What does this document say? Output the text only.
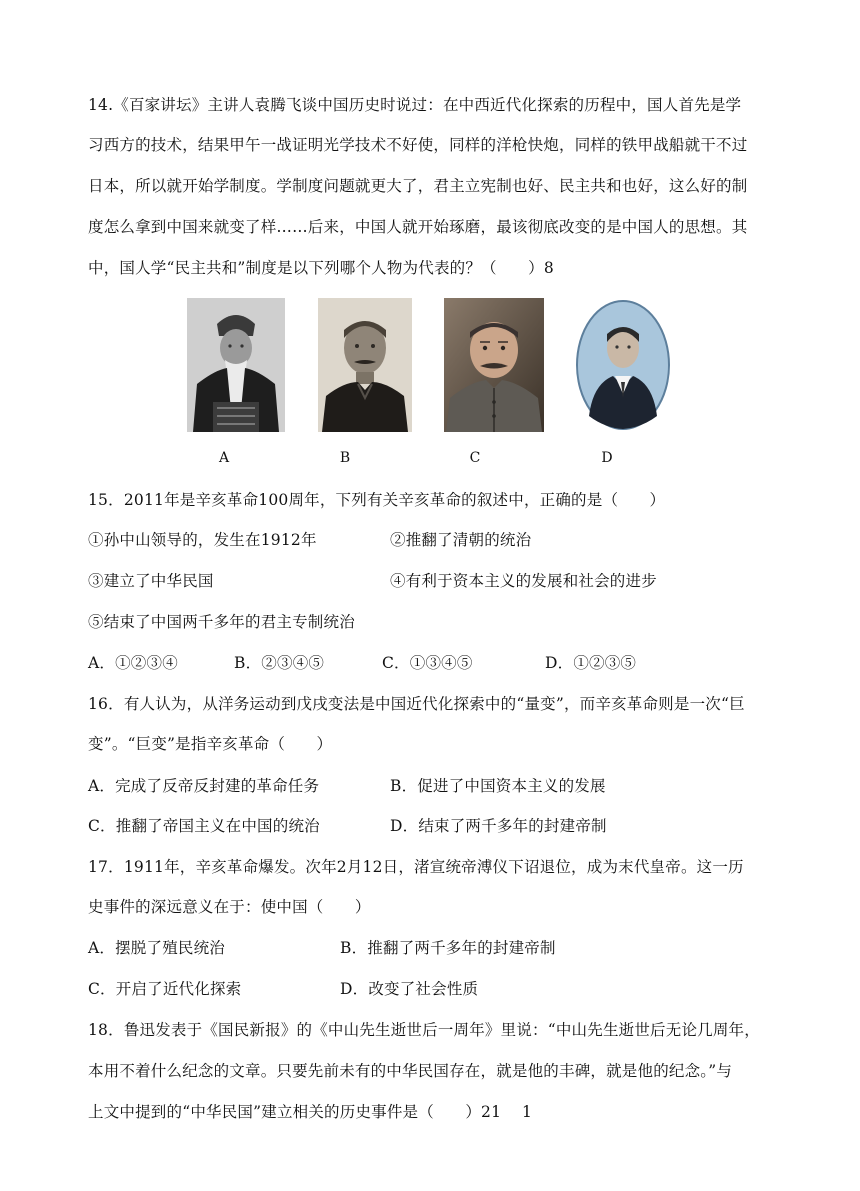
14.《百家讲坛》主讲人袁腾飞谈中国历史时说过：在中西近代化探索的历程中，国人首先是学
习西方的技术，结果甲午一战证明光学技术不好使，同样的洋枪快炮，同样的铁甲战船就干不过
日本，所以就开始学制度。学制度问题就更大了，君主立宪制也好、民主共和也好，这么好的制
度怎么拿到中国来就变了样……后来，中国人就开始琢磨，最该彻底改变的是中国人的思想。其
中，国人学“民主共和”制度是以下列哪个人物为代表的？（　　）8
A	B	C	D
15．2011年是辛亥革命100周年，下列有关辛亥革命的叙述中，正确的是（　　）
①孙中山领导的，发生在1912年	②推翻了清朝的统治
③建立了中华民国	④有利于资本主义的发展和社会的进步
⑤结束了中国两千多年的君主专制统治
A．①②③④	B．②③④⑤	C．①③④⑤	D．①②③⑤
16．有人认为，从洋务运动到戊戌变法是中国近代化探索中的“量变”，而辛亥革命则是一次“巨
变”。“巨变”是指辛亥革命（　　）
A．完成了反帝反封建的革命任务	B．促进了中国资本主义的发展
C．推翻了帝国主义在中国的统治	D．结束了两千多年的封建帝制
17．1911年，辛亥革命爆发。次年2月12日，渚宣统帝溥仪下诏退位，成为末代皇帝。这一历
史事件的深远意义在于：使中国（　　）
A．摆脱了殖民统治	B．推翻了两千多年的封建帝制
C．开启了近代化探索	D．改变了社会性质
18．鲁迅发表于《国民新报》的《中山先生逝世后一周年》里说：“中山先生逝世后无论几周年，
本用不着什么纪念的文章。只要先前未有的中华民国存在，就是他的丰碑，就是他的纪念。”与
上文中提到的“中华民国”建立相关的历史事件是（　　）21　 1
